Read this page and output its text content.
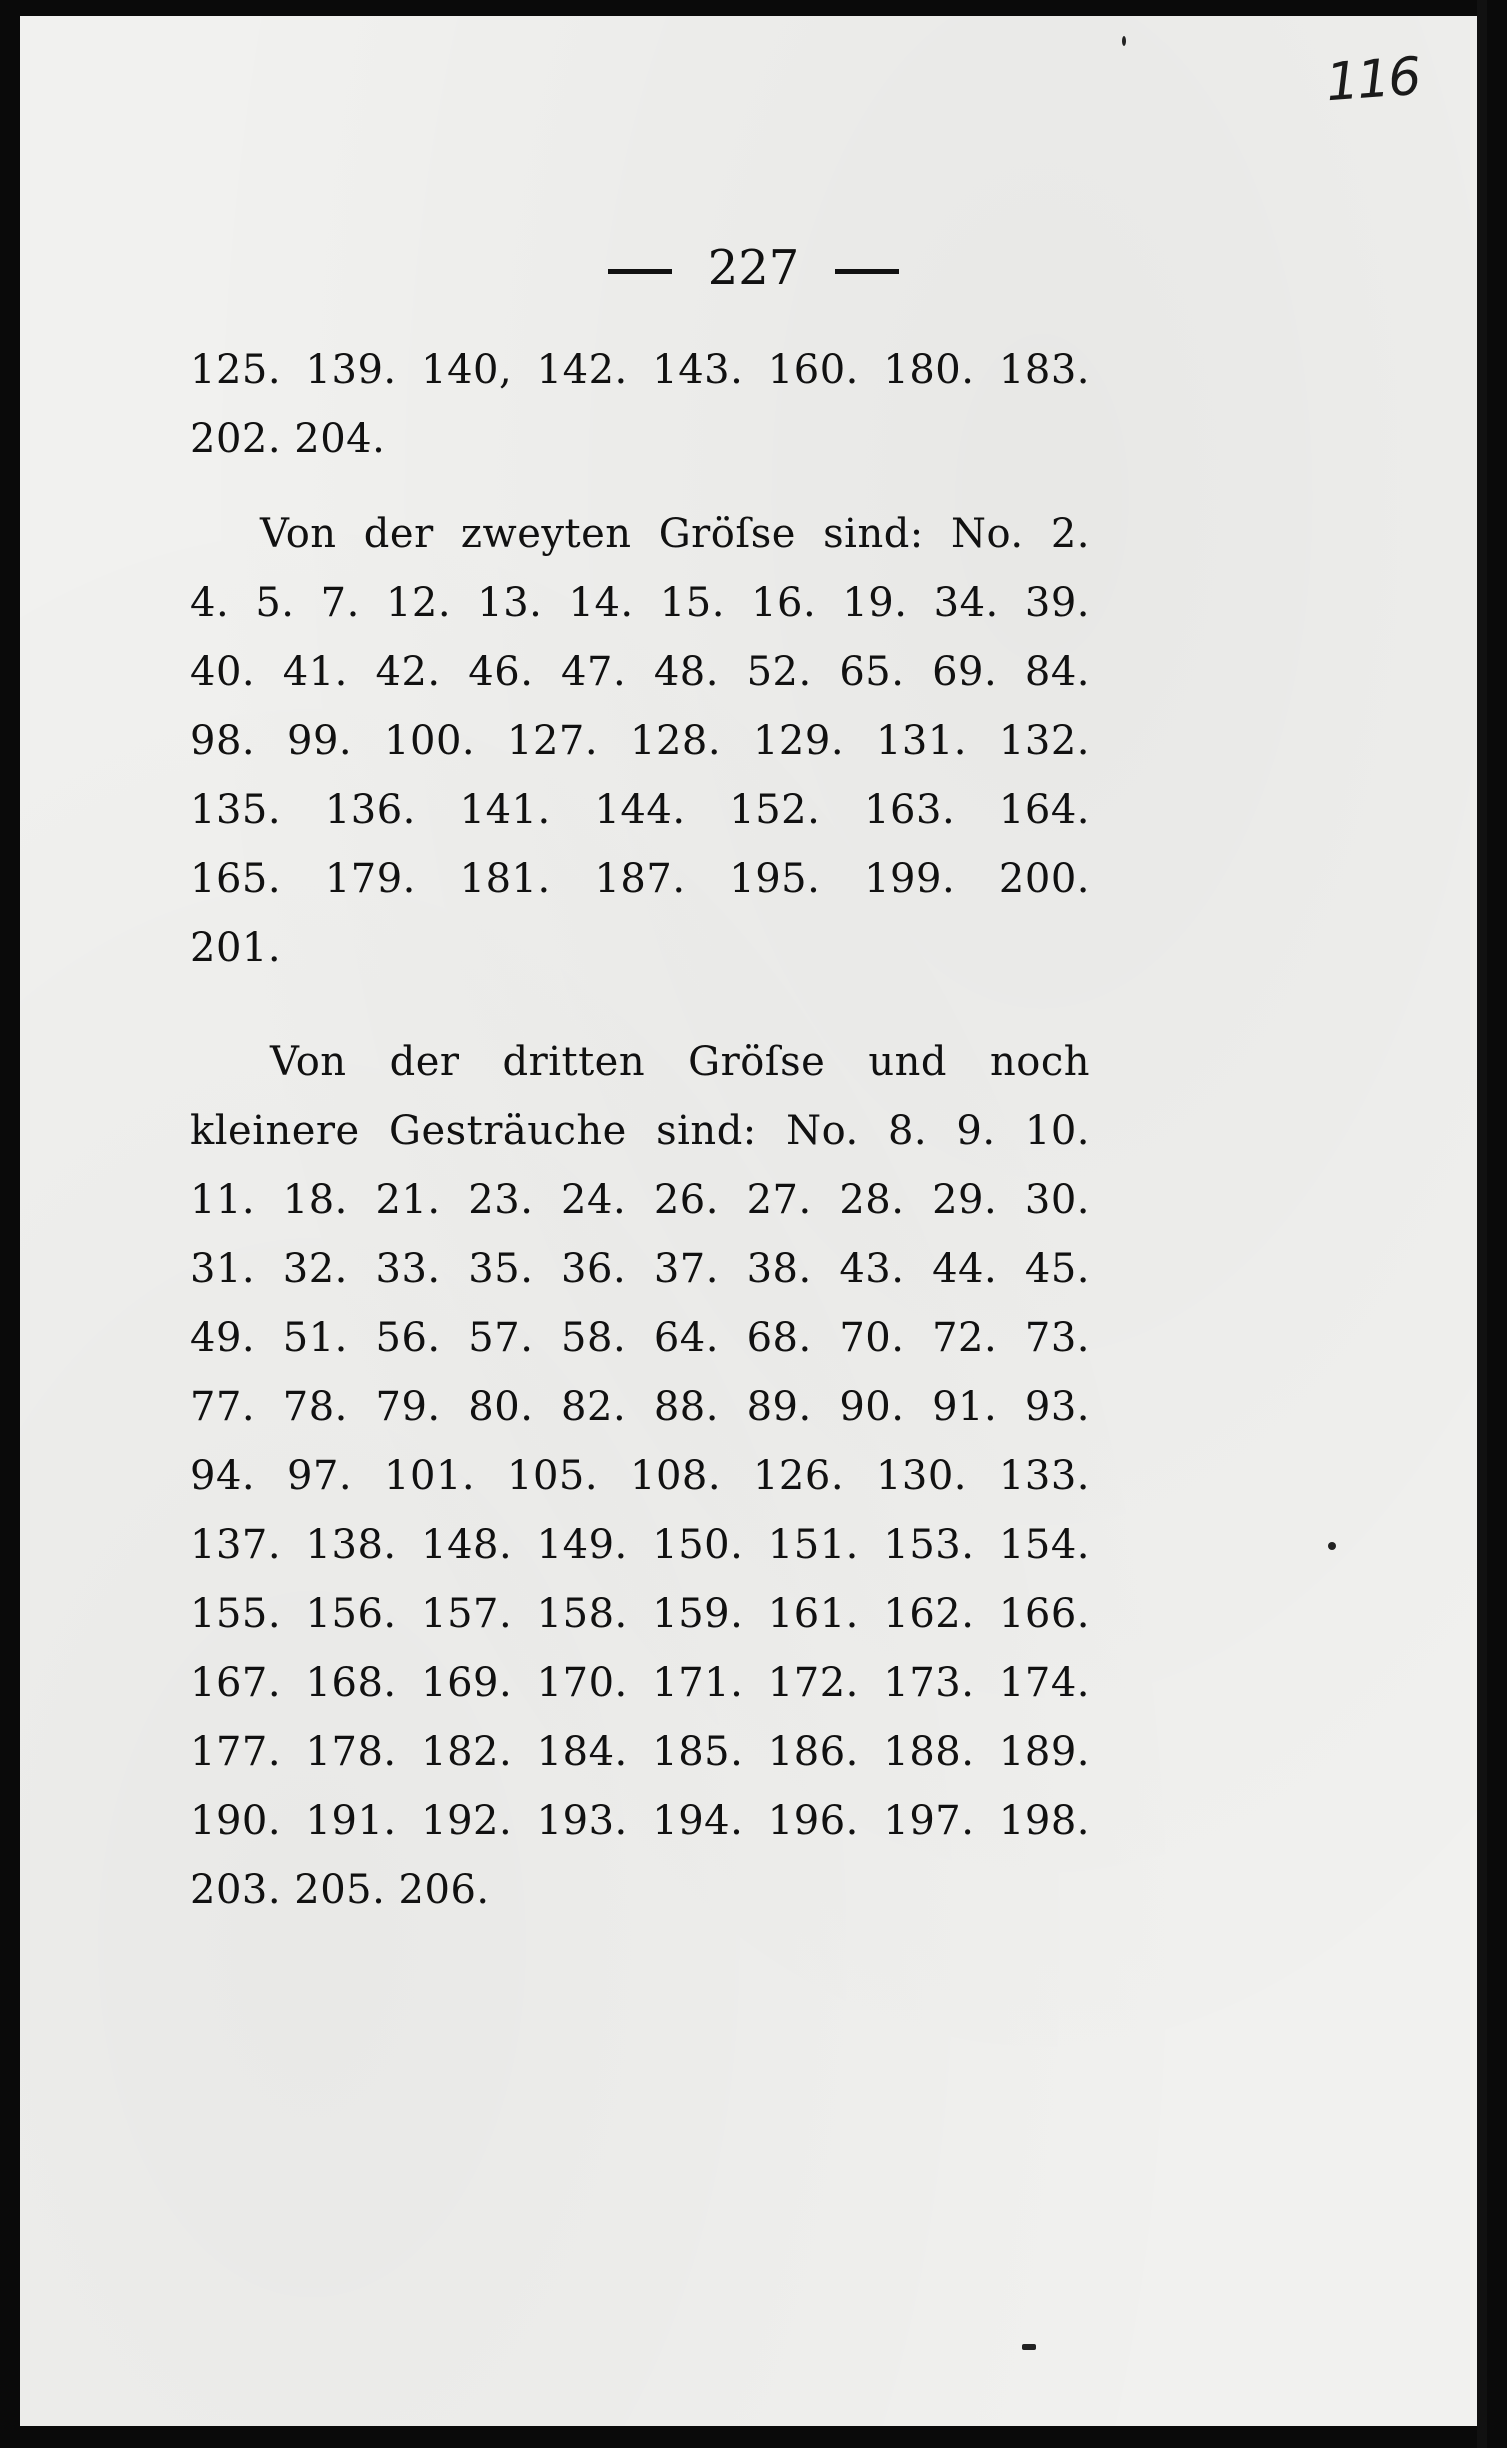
116
227
125. 139. 140, 142. 143. 160. 180. 183.
202. 204.
Von der zweyten Gröſse sind: No. 2.
4. 5. 7. 12. 13. 14. 15. 16. 19. 34. 39.
40. 41. 42. 46. 47. 48. 52. 65. 69. 84.
98. 99. 100. 127. 128. 129. 131. 132.
135. 136. 141. 144. 152. 163. 164.
165. 179. 181. 187. 195. 199. 200.
201.
Von der dritten Gröſse und noch
kleinere Gesträuche sind: No. 8. 9. 10.
11. 18. 21. 23. 24. 26. 27. 28. 29. 30.
31. 32. 33. 35. 36. 37. 38. 43. 44. 45.
49. 51. 56. 57. 58. 64. 68. 70. 72. 73.
77. 78. 79. 80. 82. 88. 89. 90. 91. 93.
94. 97. 101. 105. 108. 126. 130. 133.
137. 138. 148. 149. 150. 151. 153. 154.
155. 156. 157. 158. 159. 161. 162. 166.
167. 168. 169. 170. 171. 172. 173. 174.
177. 178. 182. 184. 185. 186. 188. 189.
190. 191. 192. 193. 194. 196. 197. 198.
203. 205. 206.
